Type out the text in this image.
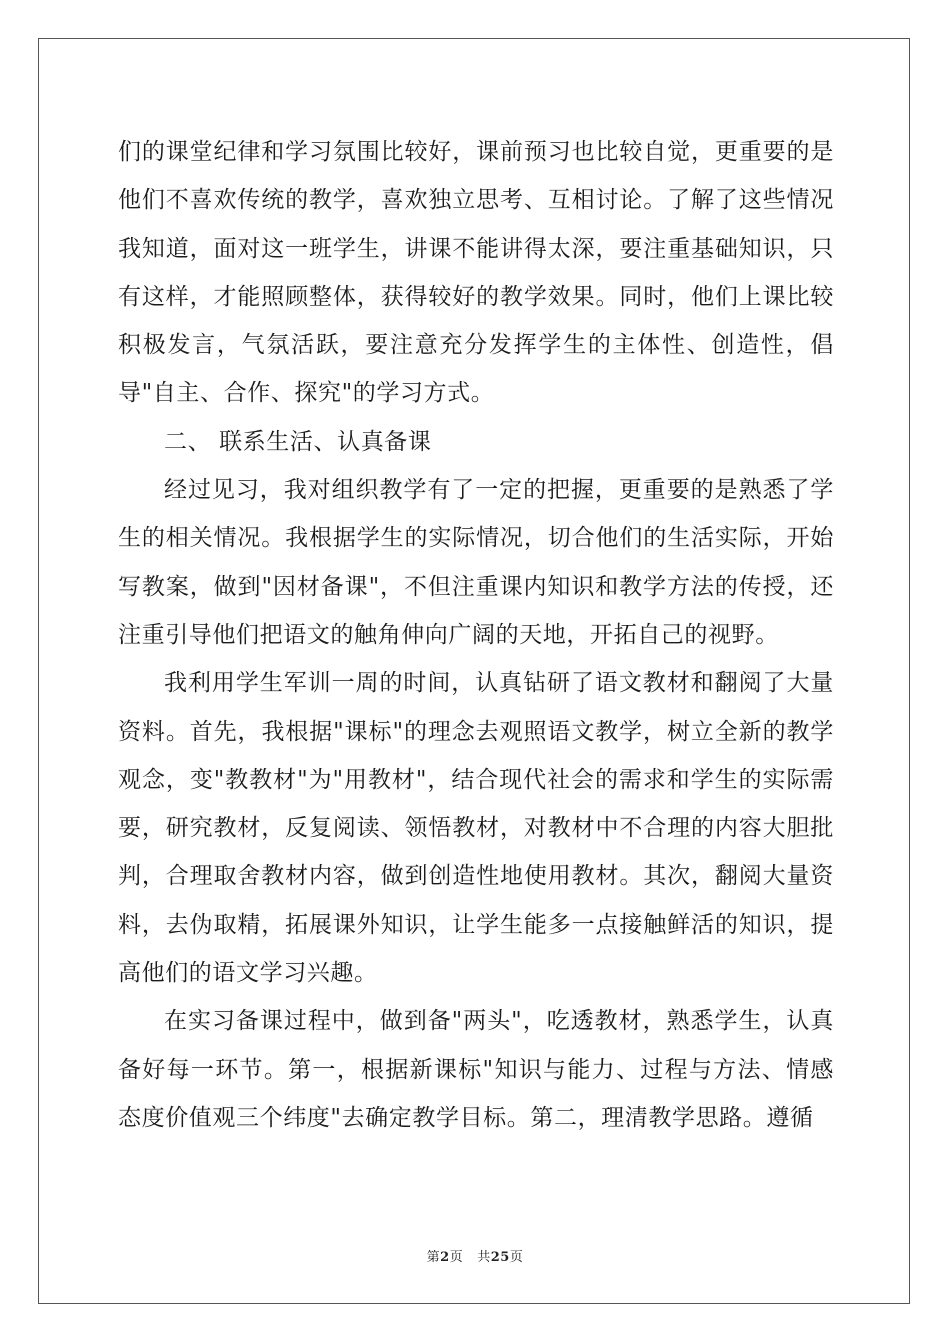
们的课堂纪律和学习氛围比较好，课前预习也比较自觉，更重要的是他们不喜欢传统的教学，喜欢独立思考、互相讨论。了解了这些情况我知道，面对这一班学生，讲课不能讲得太深，要注重基础知识，只有这样，才能照顾整体，获得较好的教学效果。同时，他们上课比较积极发言，气氛活跃，要注意充分发挥学生的主体性、创造性，倡导"自主、合作、探究"的学习方式。

二、 联系生活、认真备课

经过见习，我对组织教学有了一定的把握，更重要的是熟悉了学生的相关情况。我根据学生的实际情况，切合他们的生活实际，开始写教案，做到"因材备课"，不但注重课内知识和教学方法的传授，还注重引导他们把语文的触角伸向广阔的天地，开拓自己的视野。

我利用学生军训一周的时间，认真钻研了语文教材和翻阅了大量资料。首先，我根据"课标"的理念去观照语文教学，树立全新的教学观念，变"教教材"为"用教材"，结合现代社会的需求和学生的实际需要，研究教材，反复阅读、领悟教材，对教材中不合理的内容大胆批判，合理取舍教材内容，做到创造性地使用教材。其次，翻阅大量资料，去伪取精，拓展课外知识，让学生能多一点接触鲜活的知识，提高他们的语文学习兴趣。

在实习备课过程中，做到备"两头"，吃透教材，熟悉学生，认真备好每一环节。第一，根据新课标"知识与能力、过程与方法、情感态度价值观三个纬度"去确定教学目标。第二，理清教学思路。遵循

第2页 共25页
